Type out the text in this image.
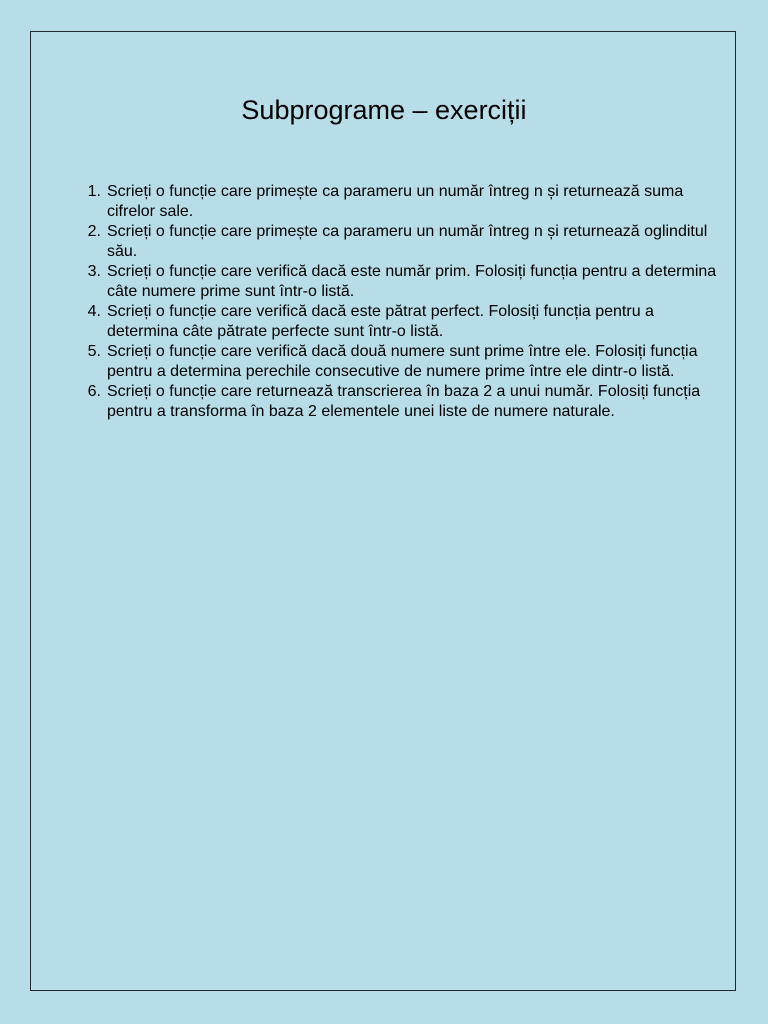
Subprograme – exerciții
1. Scrieți o funcție care primește ca parameru un număr întreg n și returnează suma cifrelor sale.
2. Scrieți o funcție care primește ca parameru un număr întreg n și returnează oglinditul său.
3. Scrieți o funcție care verifică dacă este număr prim. Folosiți funcția pentru a determina câte numere prime sunt într-o listă.
4. Scrieți o funcție care verifică dacă este pătrat perfect. Folosiți funcția pentru a determina câte pătrate perfecte sunt într-o listă.
5. Scrieți o funcție care verifică dacă două numere sunt prime între ele. Folosiți funcția pentru a determina perechile consecutive de numere prime între ele dintr-o listă.
6. Scrieți o funcție care returnează transcrierea în baza 2 a unui număr. Folosiți funcția pentru a transforma în baza 2 elementele unei liste de numere naturale.
